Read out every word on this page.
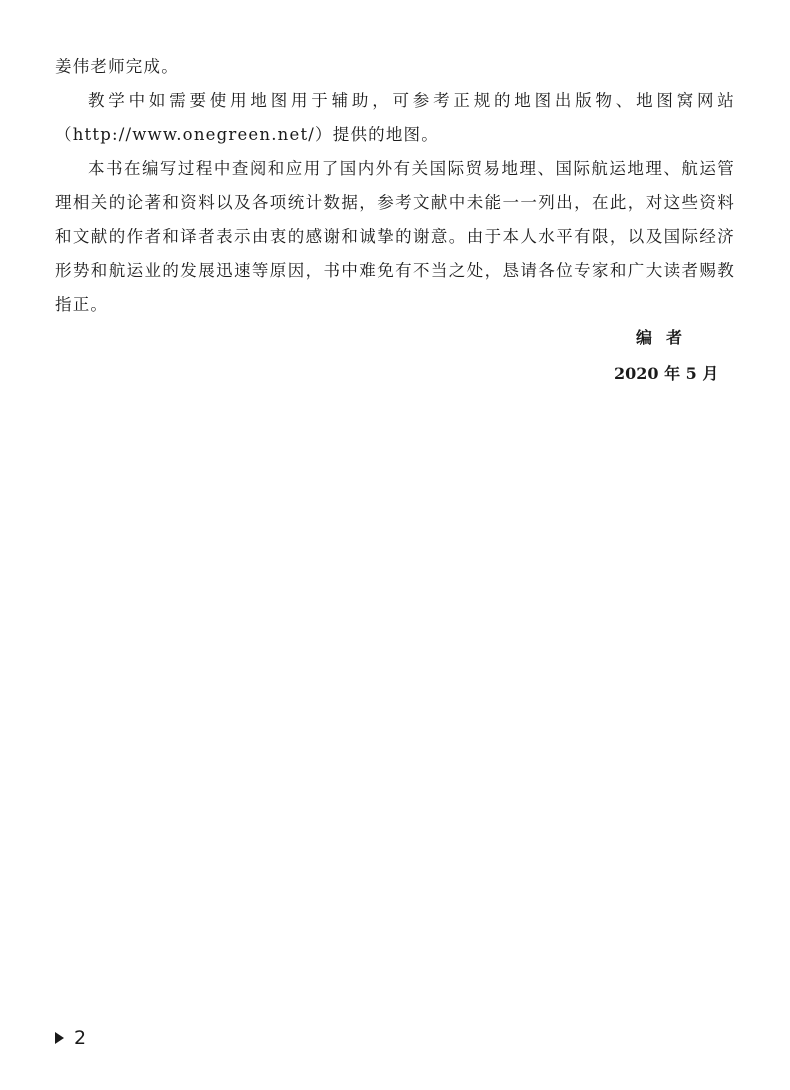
姜伟老师完成。

教学中如需要使用地图用于辅助，可参考正规的地图出版物、地图窝网站（http://www.onegreen.net/）提供的地图。

本书在编写过程中查阅和应用了国内外有关国际贸易地理、国际航运地理、航运管理相关的论著和资料以及各项统计数据，参考文献中未能一一列出，在此，对这些资料和文献的作者和译者表示由衷的感谢和诚挚的谢意。由于本人水平有限，以及国际经济形势和航运业的发展迅速等原因，书中难免有不当之处，恳请各位专家和广大读者赐教指正。

编者
2020 年 5 月
2
